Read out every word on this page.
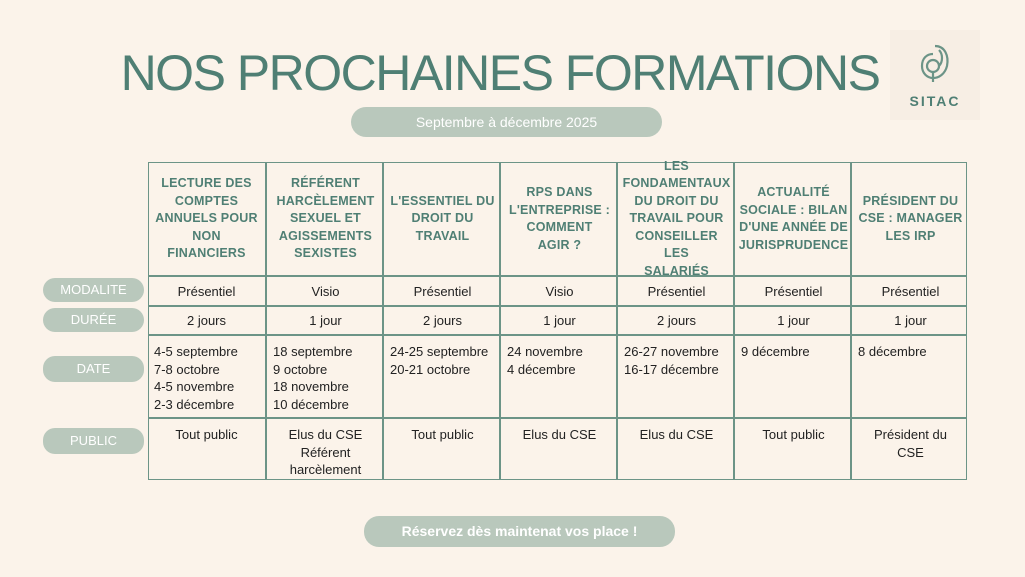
NOS PROCHAINES FORMATIONS
Septembre à décembre 2025
SITAC
MODALITE
DURÉE
DATE
PUBLIC
LECTURE DES
COMPTES
ANNUELS POUR
NON FINANCIERS
Présentiel
2 jours
4-5 septembre
7-8 octobre
4-5 novembre
2-3 décembre
Tout public
RÉFÉRENT
HARCÈLEMENT
SEXUEL ET
AGISSEMENTS
SEXISTES
Visio
1 jour
18 septembre
9 octobre
18 novembre
10 décembre
Elus du CSE
Référent
harcèlement
L'ESSENTIEL DU
DROIT DU
TRAVAIL
Présentiel
2 jours
24-25 septembre
20-21 octobre
Tout public
RPS DANS
L'ENTREPRISE :
COMMENT
AGIR ?
Visio
1 jour
24 novembre
4 décembre
Elus du CSE
LES
FONDAMENTAUX
DU DROIT DU
TRAVAIL POUR
CONSEILLER LES
SALARIÉS
Présentiel
2 jours
26-27 novembre
16-17 décembre
Elus du CSE
ACTUALITÉ
SOCIALE : BILAN
D'UNE ANNÉE DE
JURISPRUDENCE
Présentiel
1 jour
9 décembre
Tout public
PRÉSIDENT DU
CSE : MANAGER
LES IRP
Présentiel
1 jour
8 décembre
Président du
CSE
Réservez dès maintenat vos place !
